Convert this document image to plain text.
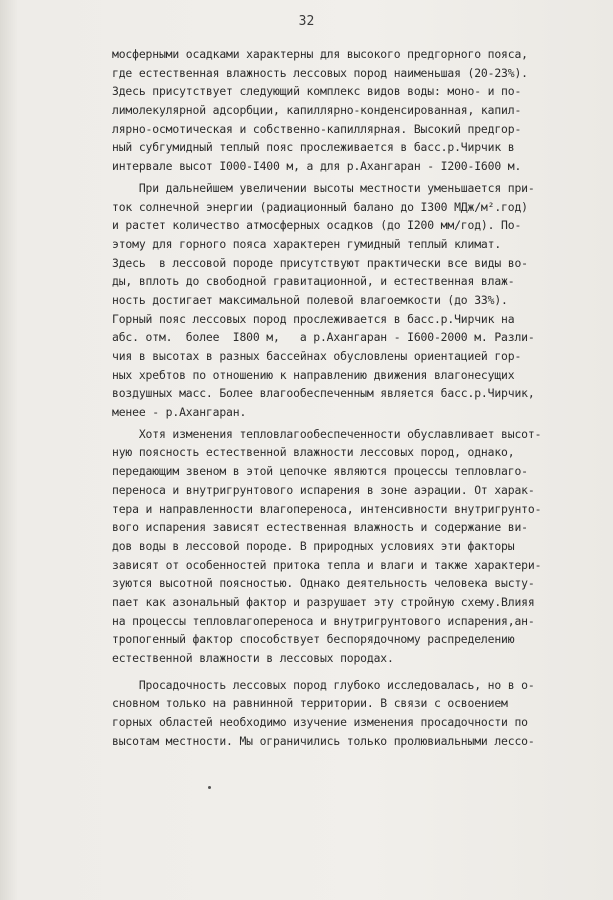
32
мосферными осадками характерны для высокого предгорного пояса,
где естественная влажность лессовых пород наименьшая (20-23%).
Здесь присутствует следующий комплекс видов воды: моно- и по-
лимолекулярной адсорбции, капиллярно-конденсированная, капил-
лярно-осмотическая и собственно-капиллярная. Высокий предгор-
ный субгумидный теплый пояс прослеживается в басс.р.Чирчик в
интервале высот I000-I400 м, а для р.Ахангаран - I200-I600 м.
При дальнейшем увеличении высоты местности уменьшается при-
ток солнечной энергии (радиационный балано до I300 МДж/м².год)
и растет количество атмосферных осадков (до I200 мм/год). По-
этому для горного пояса характерен гумидный теплый климат.
Здесь  в лессовой породе присутствуют практически все виды во-
ды, вплоть до свободной гравитационной, и естественная влаж-
ность достигает максимальной полевой влагоемкости (до 33%).
Горный пояс лессовых пород прослеживается в басс.р.Чирчик на
абс. отм.  более  I800 м,   а р.Ахангаран - I600-2000 м. Разли-
чия в высотах в разных бассейнах обусловлены ориентацией гор-
ных хребтов по отношению к направлению движения влагонесущих
воздушных масс. Более влагообеспеченным является басс.р.Чирчик,
менее - р.Ахангаран.
Хотя изменения тепловлагообеспеченности обуславливает высот-
ную поясность естественной влажности лессовых пород, однако,
передающим звеном в этой цепочке являются процессы тепловлаго-
переноса и внутригрунтового испарения в зоне аэрации. От харак-
тера и направленности влагопереноса, интенсивности внутригрунто-
вого испарения зависят естественная влажность и содержание ви-
дов воды в лессовой породе. В природных условиях эти факторы
зависят от особенностей притока тепла и влаги и также характери-
зуются высотной поясностью. Однако деятельность человека высту-
пает как азональный фактор и разрушает эту стройную схему.Влияя
на процессы тепловлагопереноса и внутригрунтового испарения,ан-
тропогенный фактор способствует беспорядочному распределению
естественной влажности в лессовых породах.
Просадочность лессовых пород глубоко исследовалась, но в о-
сновном только на равнинной территории. В связи с освоением
горных областей необходимо изучение изменения просадочности по
высотам местности. Мы ограничились только пролювиальными лессо-
